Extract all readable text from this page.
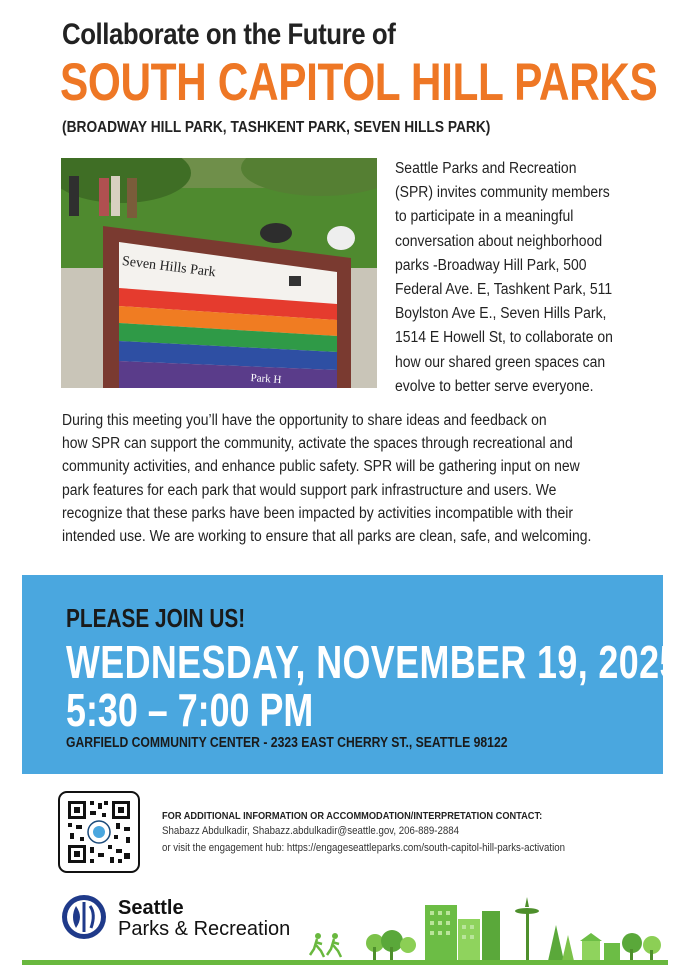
Collaborate on the Future of
SOUTH CAPITOL HILL PARKS
(BROADWAY HILL PARK, TASHKENT PARK, SEVEN HILLS PARK)
Seven Hills Park
Park H
Seattle Parks and Recreation
(SPR) invites community members
to participate in a meaningful
conversation about neighborhood
parks -Broadway Hill Park, 500
Federal Ave. E, Tashkent Park, 511
Boylston Ave E., Seven Hills Park,
1514 E Howell St, to collaborate on
how our shared green spaces can
evolve to better serve everyone.
During this meeting you’ll have the opportunity to share ideas and feedback on
how SPR can support the community, activate the spaces through recreational and
community activities, and enhance public safety. SPR will be gathering input on new
park features for each park that would support park infrastructure and users. We
recognize that these parks have been impacted by activities incompatible with their
intended use. We are working to ensure that all parks are clean, safe, and welcoming.
PLEASE JOIN US!
WEDNESDAY, NOVEMBER 19, 2025
5:30 – 7:00 PM
GARFIELD COMMUNITY CENTER - 2323 EAST CHERRY ST., SEATTLE 98122
FOR ADDITIONAL INFORMATION OR ACCOMMODATION/INTERPRETATION CONTACT:
Shabazz Abdulkadir, Shabazz.abdulkadir@seattle.gov, 206-889-2884
or visit the engagement hub: https://engageseattleparks.com/south-capitol-hill-parks-activation
Seattle
Parks & Recreation
